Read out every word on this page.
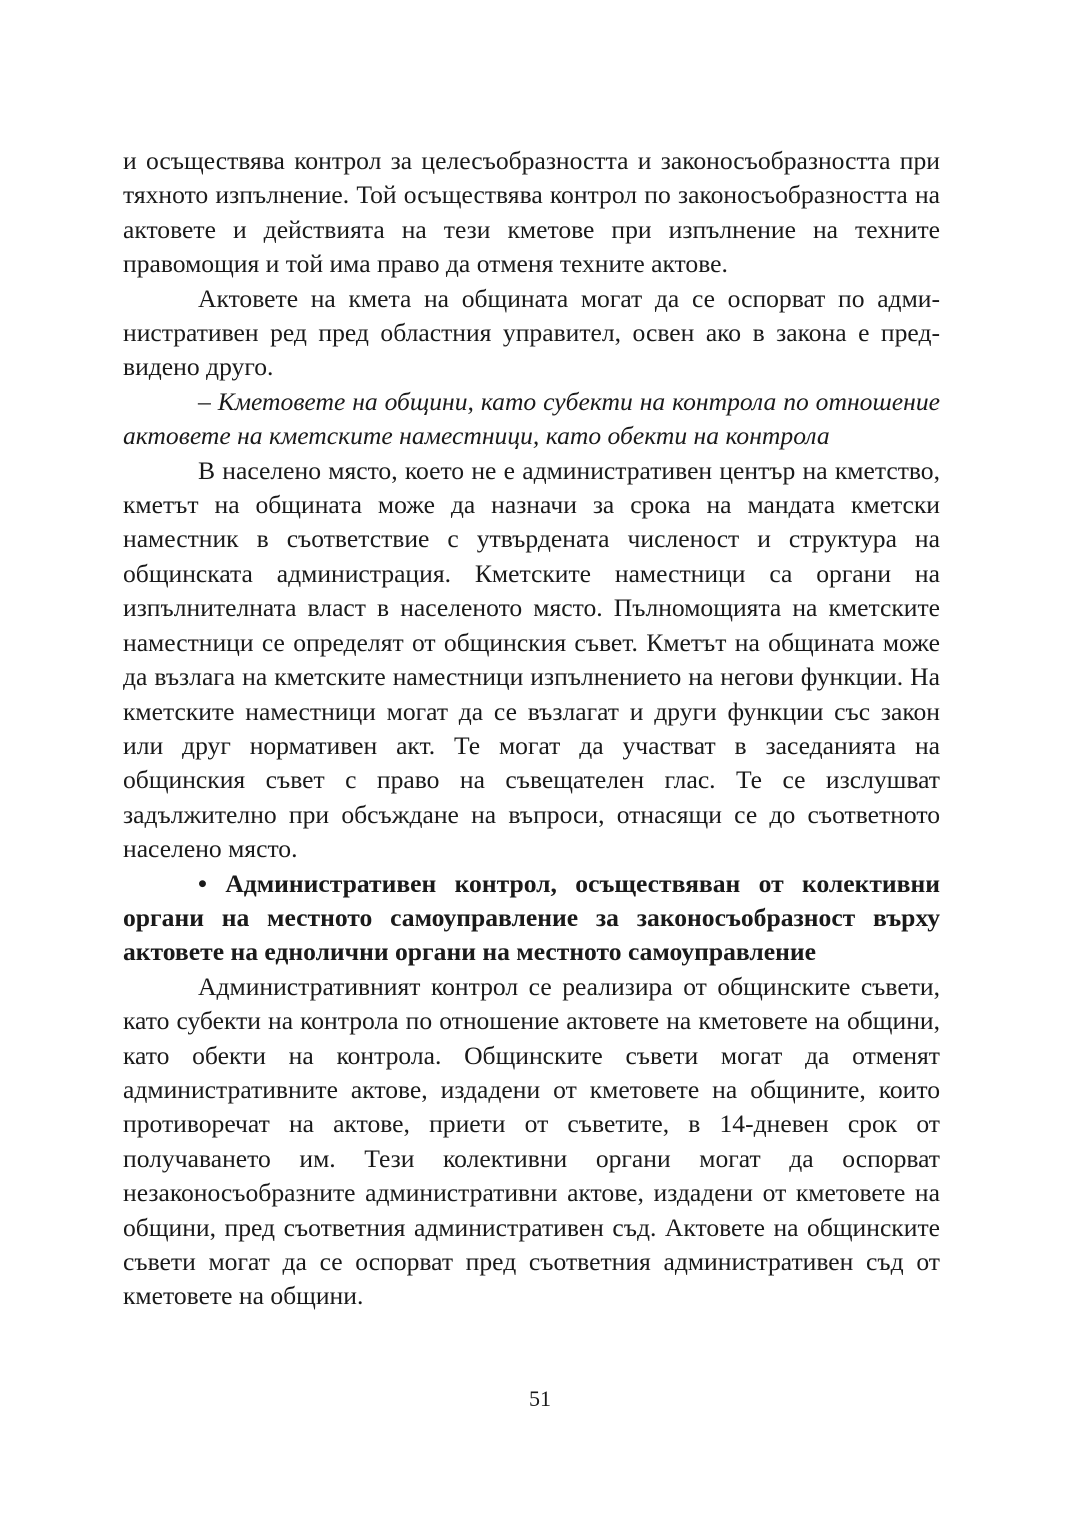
и осъществява контрол за целесъобразността и законосъобразността при тяхното изпълнение. Той осъществява контрол по законосъобразността на актовете и действията на тези кметове при изпълнение на техните правомощия и той има право да отменя техните актове.

Актовете на кмета на общината могат да се оспорват по административен ред пред областния управител, освен ако в закона е предвидено друго.

– Кметовете на общини, като субекти на контрола по отношение актовете на кметските наместници, като обекти на контрола

В населено място, което не е административен център на кметство, кметът на общината може да назначи за срока на мандата кметски наместник в съответствие с утвърдената численост и структура на общинската администрация. Кметските наместници са органи на изпълнителната власт в населеното място. Пълномощията на кметските наместници се определят от общинския съвет. Кметът на общината може да възлага на кметските наместници изпълнението на негови функции. На кметските наместници могат да се възлагат и други функции със закон или друг нормативен акт. Те могат да участват в заседанията на общинския съвет с право на съвещателен глас. Те се изслушват задължително при обсъждане на въпроси, отнасящи се до съответното населено място.

• Административен контрол, осъществяван от колективни органи на местното самоуправление за законосъобразност върху актовете на еднолични органи на местното самоуправление

Административният контрол се реализира от общинските съвети, като субекти на контрола по отношение актовете на кметовете на общини, като обекти на контрола. Общинските съвети могат да отменят административните актове, издадени от кметовете на общините, които противоречат на актове, приети от съветите, в 14-дневен срок от получаването им. Тези колективни органи могат да оспорват незаконосъобразните административни актове, издадени от кметовете на общини, пред съответния административен съд. Актовете на общинските съвети могат да се оспорват пред съответния административен съд от кметовете на общини.

51
